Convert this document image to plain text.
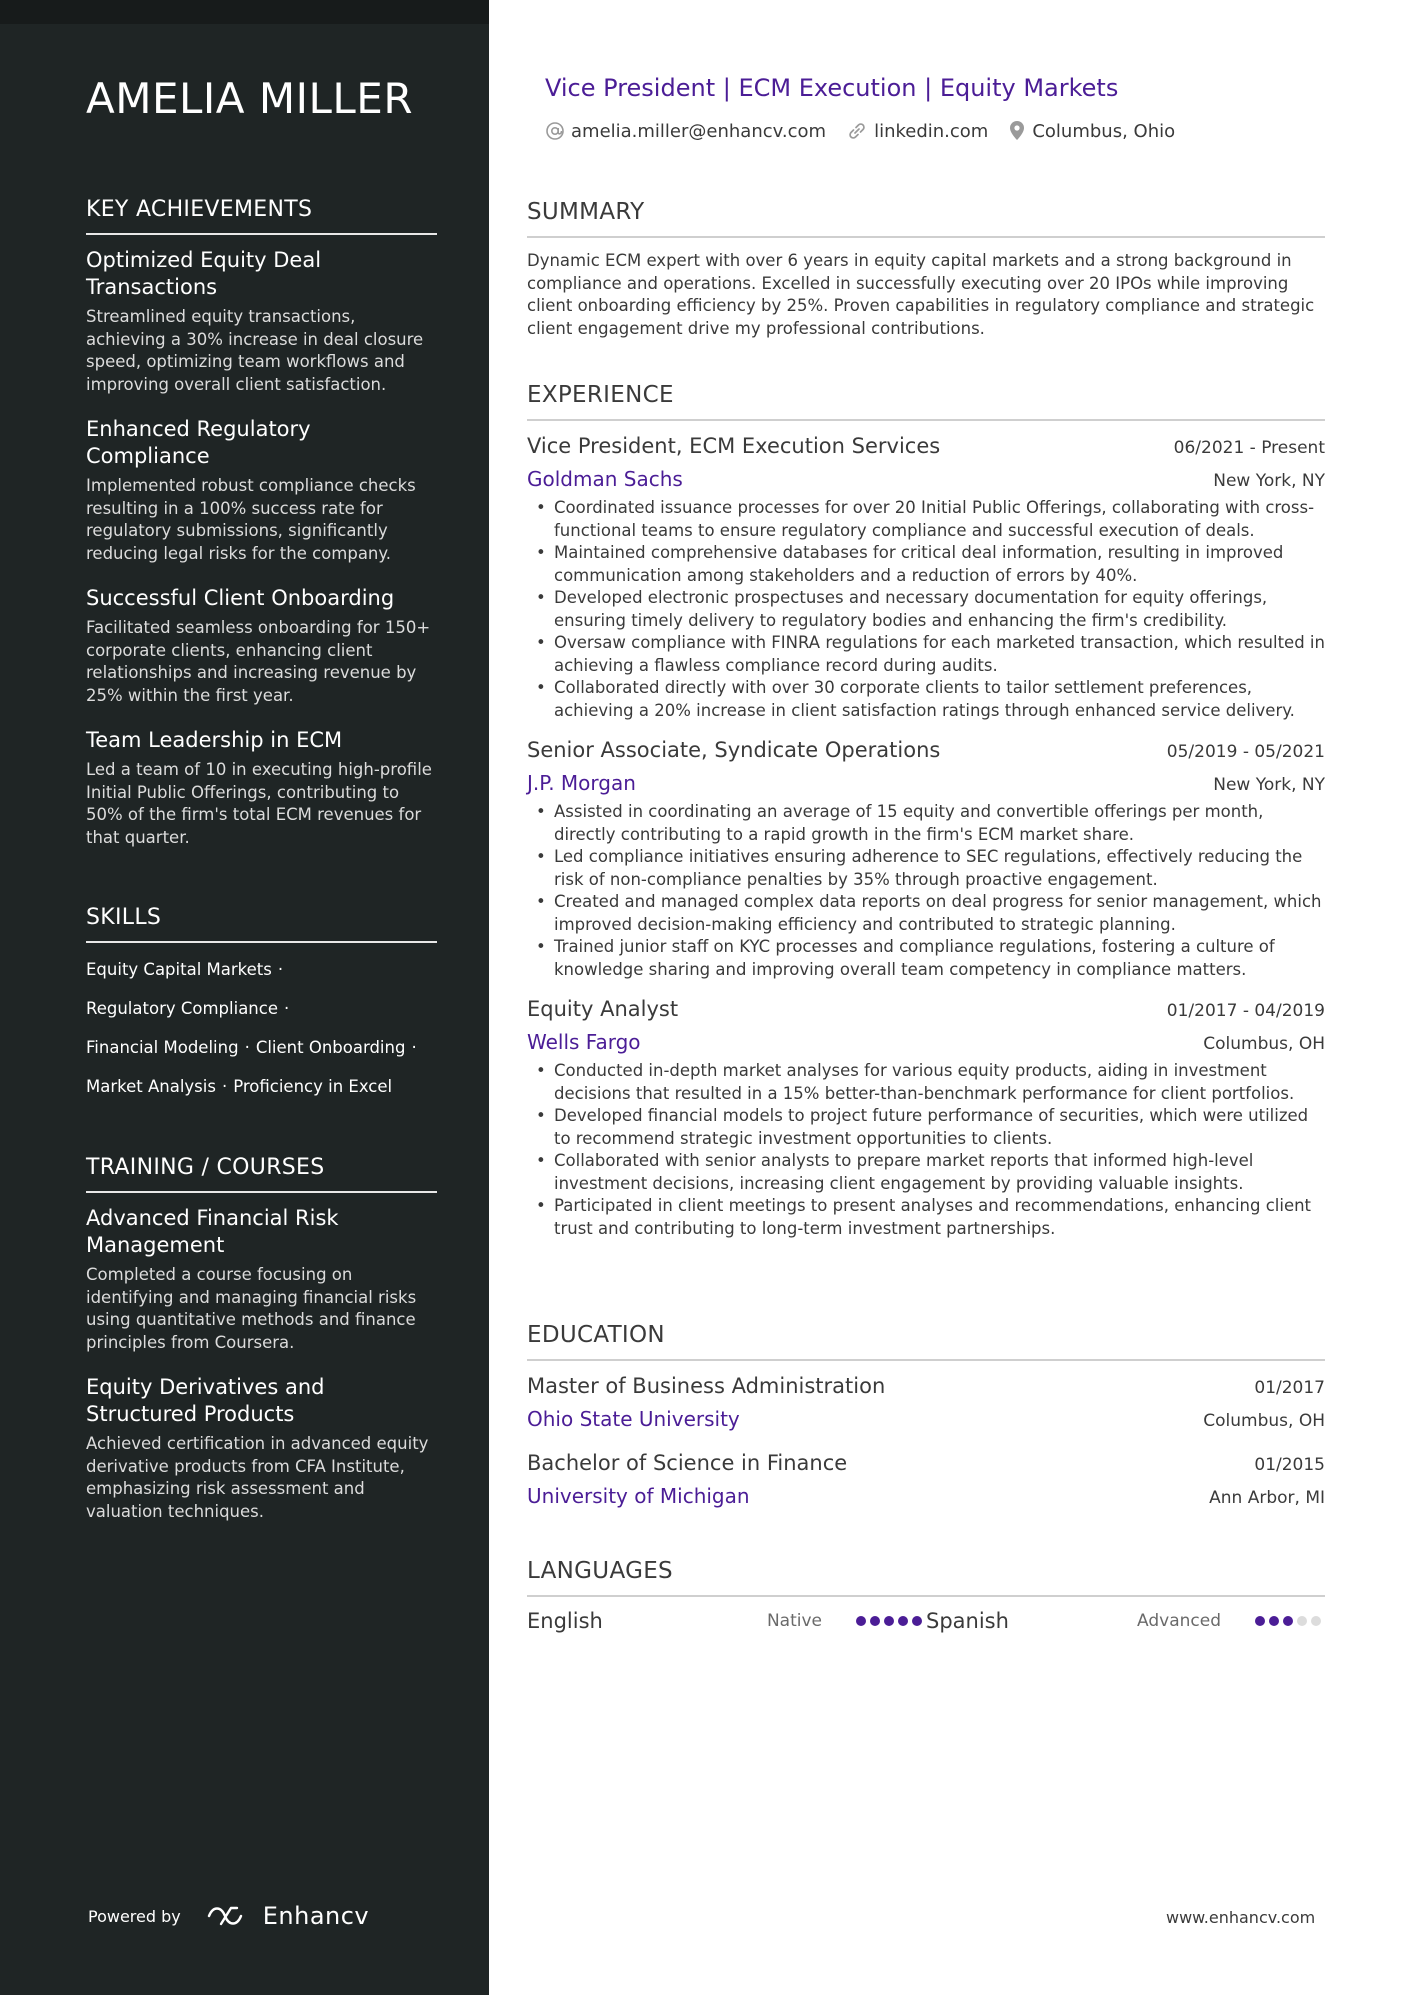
AMELIA MILLER
KEY ACHIEVEMENTS
Optimized Equity Deal Transactions
Streamlined equity transactions, achieving a 30% increase in deal closure speed, optimizing team workflows and improving overall client satisfaction.
Enhanced Regulatory Compliance
Implemented robust compliance checks resulting in a 100% success rate for regulatory submissions, significantly reducing legal risks for the company.
Successful Client Onboarding
Facilitated seamless onboarding for 150+ corporate clients, enhancing client relationships and increasing revenue by 25% within the first year.
Team Leadership in ECM
Led a team of 10 in executing high-profile Initial Public Offerings, contributing to 50% of the firm's total ECM revenues for that quarter.
SKILLS
Equity Capital Markets ·
Regulatory Compliance ·
Financial Modeling · Client Onboarding ·
Market Analysis · Proficiency in Excel
TRAINING / COURSES
Advanced Financial Risk Management
Completed a course focusing on identifying and managing financial risks using quantitative methods and finance principles from Coursera.
Equity Derivatives and Structured Products
Achieved certification in advanced equity derivative products from CFA Institute, emphasizing risk assessment and valuation techniques.
Powered by	Enhancv
Vice President | ECM Execution | Equity Markets
amelia.miller@enhancv.com	linkedin.com Columbus, Ohio
SUMMARY

Dynamic ECM expert with over 6 years in equity capital markets and a strong background in compliance and operations. Excelled in successfully executing over 20 IPOs while improving client onboarding efficiency by 25%. Proven capabilities in regulatory compliance and strategic client engagement drive my professional contributions.

EXPERIENCE
Vice President, ECM Execution Services	06/2021 - Present
Goldman Sachs	New York, NY
• Coordinated issuance processes for over 20 Initial Public Offerings, collaborating with cross-functional teams to ensure regulatory compliance and successful execution of deals.
• Maintained comprehensive databases for critical deal information, resulting in improved communication among stakeholders and a reduction of errors by 40%.
• Developed electronic prospectuses and necessary documentation for equity offerings, ensuring timely delivery to regulatory bodies and enhancing the firm's credibility.
• Oversaw compliance with FINRA regulations for each marketed transaction, which resulted in achieving a flawless compliance record during audits.
• Collaborated directly with over 30 corporate clients to tailor settlement preferences, achieving a 20% increase in client satisfaction ratings through enhanced service delivery.
Senior Associate, Syndicate Operations	05/2019 - 05/2021
J.P. Morgan	New York, NY
• Assisted in coordinating an average of 15 equity and convertible offerings per month, directly contributing to a rapid growth in the firm's ECM market share.
• Led compliance initiatives ensuring adherence to SEC regulations, effectively reducing the risk of non-compliance penalties by 35% through proactive engagement.
• Created and managed complex data reports on deal progress for senior management, which improved decision-making efficiency and contributed to strategic planning.
• Trained junior staff on KYC processes and compliance regulations, fostering a culture of knowledge sharing and improving overall team competency in compliance matters.
Equity Analyst	01/2017 - 04/2019
Wells Fargo	Columbus, OH
• Conducted in-depth market analyses for various equity products, aiding in investment decisions that resulted in a 15% better-than-benchmark performance for client portfolios.
• Developed financial models to project future performance of securities, which were utilized to recommend strategic investment opportunities to clients.
• Collaborated with senior analysts to prepare market reports that informed high-level investment decisions, increasing client engagement by providing valuable insights.
• Participated in client meetings to present analyses and recommendations, enhancing client trust and contributing to long-term investment partnerships.
EDUCATION
Master of Business Administration	01/2017
Ohio State University	Columbus, OH
Bachelor of Science in Finance	01/2015
University of Michigan	Ann Arbor, MI
LANGUAGES
English	Native	Spanish	Advanced
www.enhancv.com
